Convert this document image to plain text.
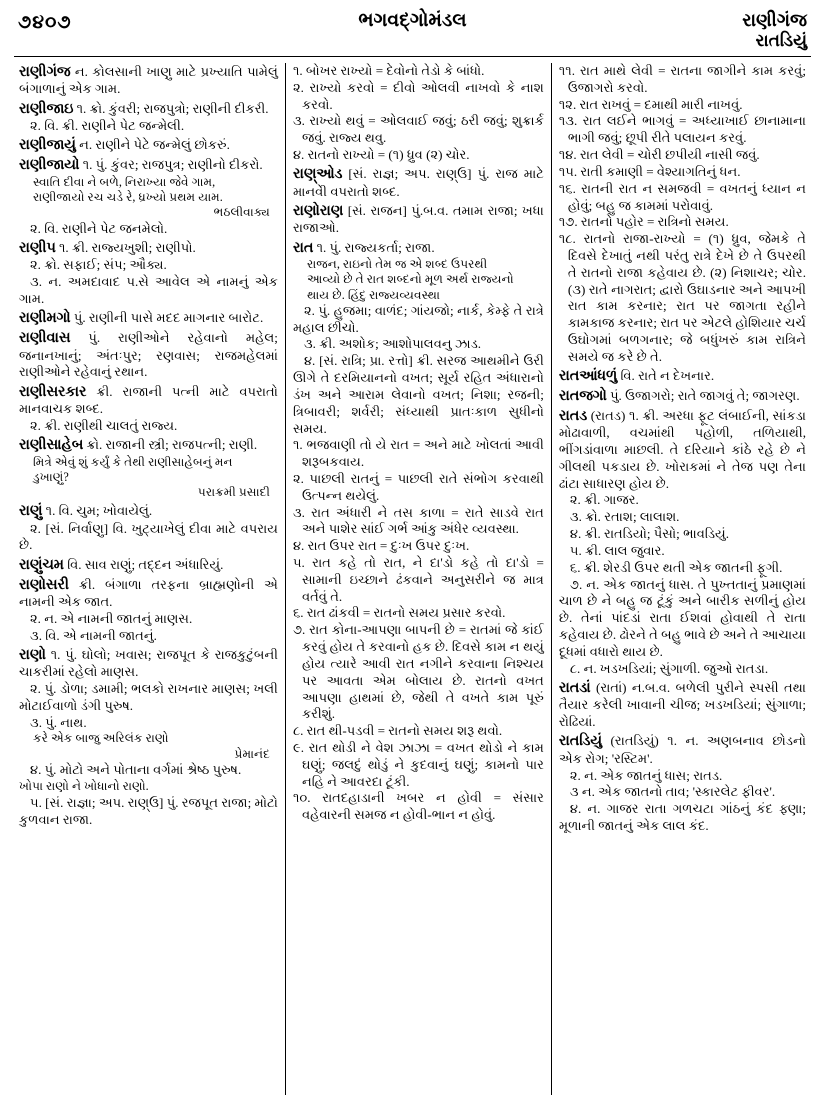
૭૪૦૭	ભગવદ્‌ગોમંડલ	રાણીગંજ
રાતડિયું

રાણીગંજ ન. કોલસાની ખાણુ માટે પ્રખ્યાતિ પામેલું બંગાળાનું એક ગામ.

રાણીજાઇ ૧. ક્રો. કુંવરી; રાજપુત્રો; રાણીની દીકરી.

૨. વિ. ક્રી. રાણીને પેટ જન્મેલી.

રાણીજાયું ન. રાણીને પેટે જન્મેલું છોકરું.

રાણીજાયો ૧. પું. કુંવર; રાજપુત્ર; રાણીનો દીકરો.

સ્વાતિ દીવા ને બળે, નિરાખ્યા જેવે ગામ,
રાણીજાયો રચ ચડે રે, ધ્રખ્યો પ્રથમ યામ.
ભઠલીવાક્ય

૨. વિ. રાણીને પેટ જનમેલો.

રાણીપ ૧. ક્રી. રાજ્યખુશી; રાણીપો.

૨. ક્રો. સફાઈ; સંપ; ઔક્ય.

૩. ન. અમદાવાદ પ.સે આવેલ એ નામનું એક ગામ.

રાણીમગો પું. રાણીની પાસે મદદ માગનાર બારોટ.

રાણીવાસ પું. રાણીઓને રહેવાનો મહેલ; જનાનખાનું; અંતઃપુર; રણવાસ; રાજમહેલમાં રાણીઓને રહેવાનું રથાન.

રાણીસરકાર ક્રી. રાજાની પત્ની માટે વપરાતો માનવાચક શબ્દ.

૨. ક્રી. રાણીથી ચાલતું રાજ્ય.

રાણીસાહેબ ક્રો. રાજાની સ્ત્રી; રાજપત્ની; રાણી.

મિત્રે એવું શું કર્યું કે તેથી રાણીસાહેબનું મન
ડુખાણું?
પરાક્રમી પ્રસાદી

રાણું ૧. વિ. ચુમ; ખોવાયેલું.

૨. [સં. નિર્વાણુ] વિ. ખુટ્યાખેલું દીવા માટે વપરાય છે.

રાણુંચમ વિ. સાવ રાણું; તદ્દન અંધારિયું.

રાણોસરી ક્રી. બંગાળા તરફના બ્રાહ્મણોની એ નામની એક જાત.

૨. ન. એ નામની જાતનું માણસ.

૩. વિ. એ નામની જાતનું.

રાણો ૧. પું. ઘોલો; ખવાસ; રાજપૂત કે રાજકુટુંબની ચાકરીમાં રહેલો માણસ.

૨. પું. ડોળા; ડમામી; ભલકો રાખનાર માણસ; ખલી મોટાઈવાળો ડંગી પુરુષ.

૩. પું. નાથ.

કરે એક બાજુ અરિલંક રાણો
પ્રેમાનંદ

૪. પું. મોટો અને પોતાના વર્ગમાં શ્રેષ્ઠ પુરુષ.

ખોપા રાણો ને ખોધાનો રાણો.

૫. [સં. રાજ્ઞા; અપ. રાણ્ઉ] પું. રજપૂત રાજા; મોટો કુળવાન રાજા.

૧. બોખર રાખ્યો = દેવોનો તેડો કે બાંધો.

૨. રાખ્યો કરવો = દીવો ઓલવી નાખવો કે નાશ કરવો.

૩. રાખ્યો થવું = ઓલવાઈ જવું; ઠરી જવું; શુક્રાર્ક જવું. રાજ્ય થવુ.

૪. રાતનો રાખ્યો = (૧) ધ્રુવ (૨) ચોર.

રાણ્ઓડ [સં. રાજ્ઞ; અપ. રાણ્ઉ] પું. રાજ માટે માનવીે વપરાતો શબ્દ.

રાણોરાણ [સં. રાજન] પું.બ.વ. તમામ રાજા; ખધા રાજાઓ.

રાત ૧. પું. રાજ્યકર્તા; રાજા.

રાજન, રાઇનો તેમ જ એ શબ્દ ઉપરથી
આવ્યો છે તે રાત શબ્દનો મૂળ અર્થ રાજ્યનો
થાય છે. હિંદુ રાજ્યવ્યવસ્થા

૨. પું. હુજમા; વાળંદ; ગાંયજો; નાર્ક, કેમ્ફે તે રાત્રે મહાલ છીચો.

૩. ક્રી. અશોક; આશોપાલવનુ ઝાડ.

૪. [સં. રાત્રિ; પ્રા. રત્તો] ક્રી. સરજ આથમીને ઉરી ઊગે તે દરમિયાનનો વખત; સૂર્ય રહિત અંધારાનો ડંખ અને આરામ લેવાનો વખત; નિશા; રજની; ત્રિબાવરી; શર્વરી; સંધ્યાથી પ્રાતઃકાળ સુધીનો સમય.

૧. ભજવાણી તો યે રાત = અને માટે ખોલતાં આવી શરૂબકવાય.

૨. પાછલી રાતનું = પાછલી રાતે સંભોગ કરવાથી ઉત્પન્ન થયેલું.

૩. રાત અંધારી ને તસ કાળા = રાતે સાડવે રાત અને પાશેર સાંઈ ગર્ભ આંકુ અંધેર વ્યવસ્થા.

૪. રાત ઉપર રાત = દુઃખ ઉપર દુઃખ.

૫. રાત કહે તો રાત, ને દા'ડો કહે તો દા'ડો = સામાની ઇચ્છાને ઢંકવાને અનુસરીને જ માત્ર વર્તવું તે.

૬. રાત ઢાંકવી = રાતનો સમય પ્રસાર કરવો.

૭. રાત કોના-આપણા બાપની છે = રાતમાં જે કાંઈ કરવું હોય તે કરવાનો હક છે. દિવસે કામ ન થયું હોય ત્યારે આવી રાત નગીને કરવાના નિશ્ચય પર આવતા એમ બોલાય છે. રાતનો વખત આપણા હાથમાં છે, જેથી તે વખતે કામ પૂરું કરીશું.

૮. રાત થી-પડવી = રાતનો સમય શરૂ થવો.

૯. રાત થોડી ને વેશ ઝાઝા = વખત થોડો ને કામ ઘણું; જલદું થોડું ને કુદવાનું ઘણું; કામનો પાર નહિ ને આવરદા ટૂંકી.

૧૦. રાતદહાડાની ખબર ન હોવી = સંસાર વહેવારની સમજ ન હોવી-ભાન ન હોવું.

૧૧. રાત માથે લેવી = રાતના જાગીને કામ કરવું; ઉજાગરો કરવો.

૧૨. રાત રાખવું = દમાથી મારી નાખવું.

૧૩. રાત લઈને ભાગવું = અધ્યાખાઈ છાનામાના ભાગી જવું; છૂપી રીતે પલાયન કરવું.

૧૪. રાત લેવી = ચોરી છપીયી નાસી જવું.

૧૫. રાતી કમાણી = વેશ્યાગતિનું ધન.

૧૬. રાતની રાત ન સમજવી = વખતનું ધ્યાન ન હોવું; બહુ જ કામમાં પરોવાવું.

૧૭. રાતનો પહોર = રાત્રિનો સમય.

૧૮. રાતનો રાજા-રાખ્યો = (૧) ધ્રુવ, જેમકે તે દિવસે દેખાતું નથી પરંતુ રાત્રે દેખે છે તે ઉપરથી તે રાતનો રાજા કહેવાય છે. (૨) નિશાચર; ચોર. (૩) રાતે નાગરાત; દ્વારો ઉઘાડનાર અને આપખી રાત કામ કરનાર; રાત પર જાગતા રહીને કામકાજ કરનાર; રાત પર એટલે હોશિયાર ચર્ચ ઉઘોગમાં બળગનાર; જે બધુંખરું કામ રાત્રિને સમયે જ કરે છે તે.

રાતઆંધળું વિ. રાતે ન દેખનાર.

રાતજગો પું. ઉજાગરો; રાતે જાગવું તે; જાગરણ.

રાતડ (રાતડ) ૧. ક્રી. અરધા ફૂટ લંબાઈની, સાંકડા મોઢાવાળી, વચમાંથી પહોળી, તળિયાથી, ભીંગડાંવાળા માછલી. તે દરિયાને કાંઠે રહે છે ને ગીલથી પકડાય છે. ખોરાકમાં ને તેજ પણ તેના ઢાંટા સાધારણ હોય છે.

૨. ક્રી. ગાજર.

૩. ક્રો. રતાશ; લાલાશ.

૪. ક્રી. રાતડિયો; પૈસો; ભાવડિયું.

૫. ક્રી. લાલ જુવાર.

૬. ક્રી. શેરડી ઉપર થતી એક જાતની ફૂગી.

૭. ન. એક જાતનું ધાસ. તે પુખ્તતાનું પ્રમાણમાં ચાળ છે ને બહુ જ ટૂંકું અને બારીક સળીનું હોય છે. તેનાં પાંદડાં રાતા ઈશવાં હોવાથી તે રાતા કહેવાય છે. ઢોરને તે બહુ ભાવે છે અને તે આચાયા દૂધમાં વધારો થાય છે.

૮. ન. ખડખડિયાં; સુંગાળી. જુઓ રાતડા.

રાતડાં (રાતાં) ન.બ.વ. બળેલી પુરીને સ્પસી તથા તૈયાર કરેલી ખાવાની ચીજ; ખડખડિયાં; સુંગાળા; રોઢિયાં.

રાતડિયું (રાતડિયું) ૧. ન. અણબનાવ છોડનો એક રોગ; 'રસ્ટિમ'.

૨. ન. એક જાતનું ધાસ; રાતડ.

૩ ન. એક જાતનો તાવ; 'સ્કારલેટ ફીવર'.

૪. ન. ગાજર રાતા ગળચટા ગાંઠનું કંદ ફ્ણા; મૂળાની જાતનું એક લાલ કંદ.
